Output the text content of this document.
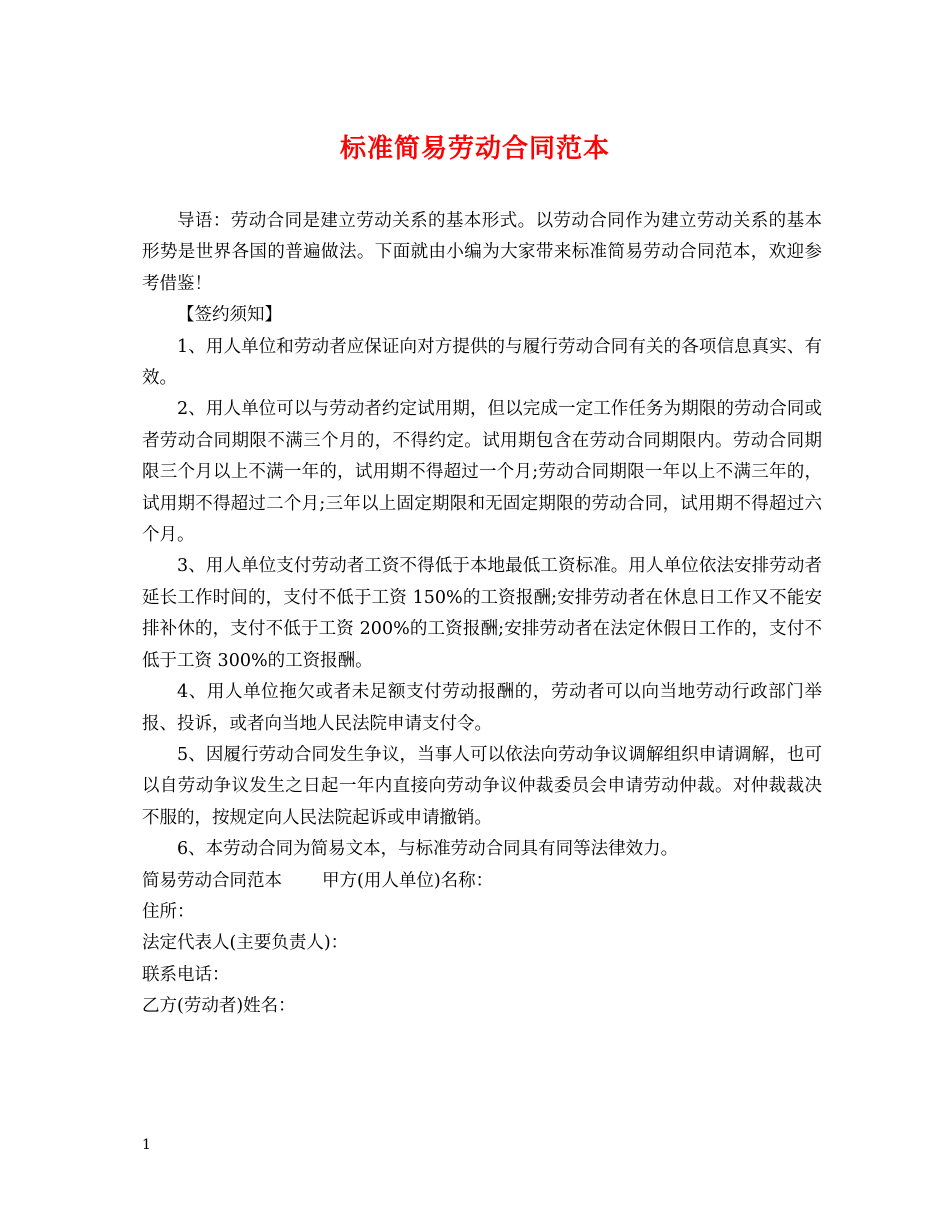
标准简易劳动合同范本

导语：劳动合同是建立劳动关系的基本形式。以劳动合同作为建立劳动关系的基本形势是世界各国的普遍做法。下面就由小编为大家带来标准简易劳动合同范本，欢迎参考借鉴！

【签约须知】

1、用人单位和劳动者应保证向对方提供的与履行劳动合同有关的各项信息真实、有效。

2、用人单位可以与劳动者约定试用期，但以完成一定工作任务为期限的劳动合同或者劳动合同期限不满三个月的，不得约定。试用期包含在劳动合同期限内。劳动合同期限三个月以上不满一年的，试用期不得超过一个月;劳动合同期限一年以上不满三年的，试用期不得超过二个月;三年以上固定期限和无固定期限的劳动合同，试用期不得超过六个月。

3、用人单位支付劳动者工资不得低于本地最低工资标准。用人单位依法安排劳动者延长工作时间的，支付不低于工资 150%的工资报酬;安排劳动者在休息日工作又不能安排补休的，支付不低于工资 200%的工资报酬;安排劳动者在法定休假日工作的，支付不低于工资 300%的工资报酬。

4、用人单位拖欠或者未足额支付劳动报酬的，劳动者可以向当地劳动行政部门举报、投诉，或者向当地人民法院申请支付令。

5、因履行劳动合同发生争议，当事人可以依法向劳动争议调解组织申请调解，也可以自劳动争议发生之日起一年内直接向劳动争议仲裁委员会申请劳动仲裁。对仲裁裁决不服的，按规定向人民法院起诉或申请撤销。

6、本劳动合同为简易文本，与标准劳动合同具有同等法律效力。

简易劳动合同范本 甲方(用人单位)名称：

住所：

法定代表人(主要负责人)：

联系电话：

乙方(劳动者)姓名：

1
